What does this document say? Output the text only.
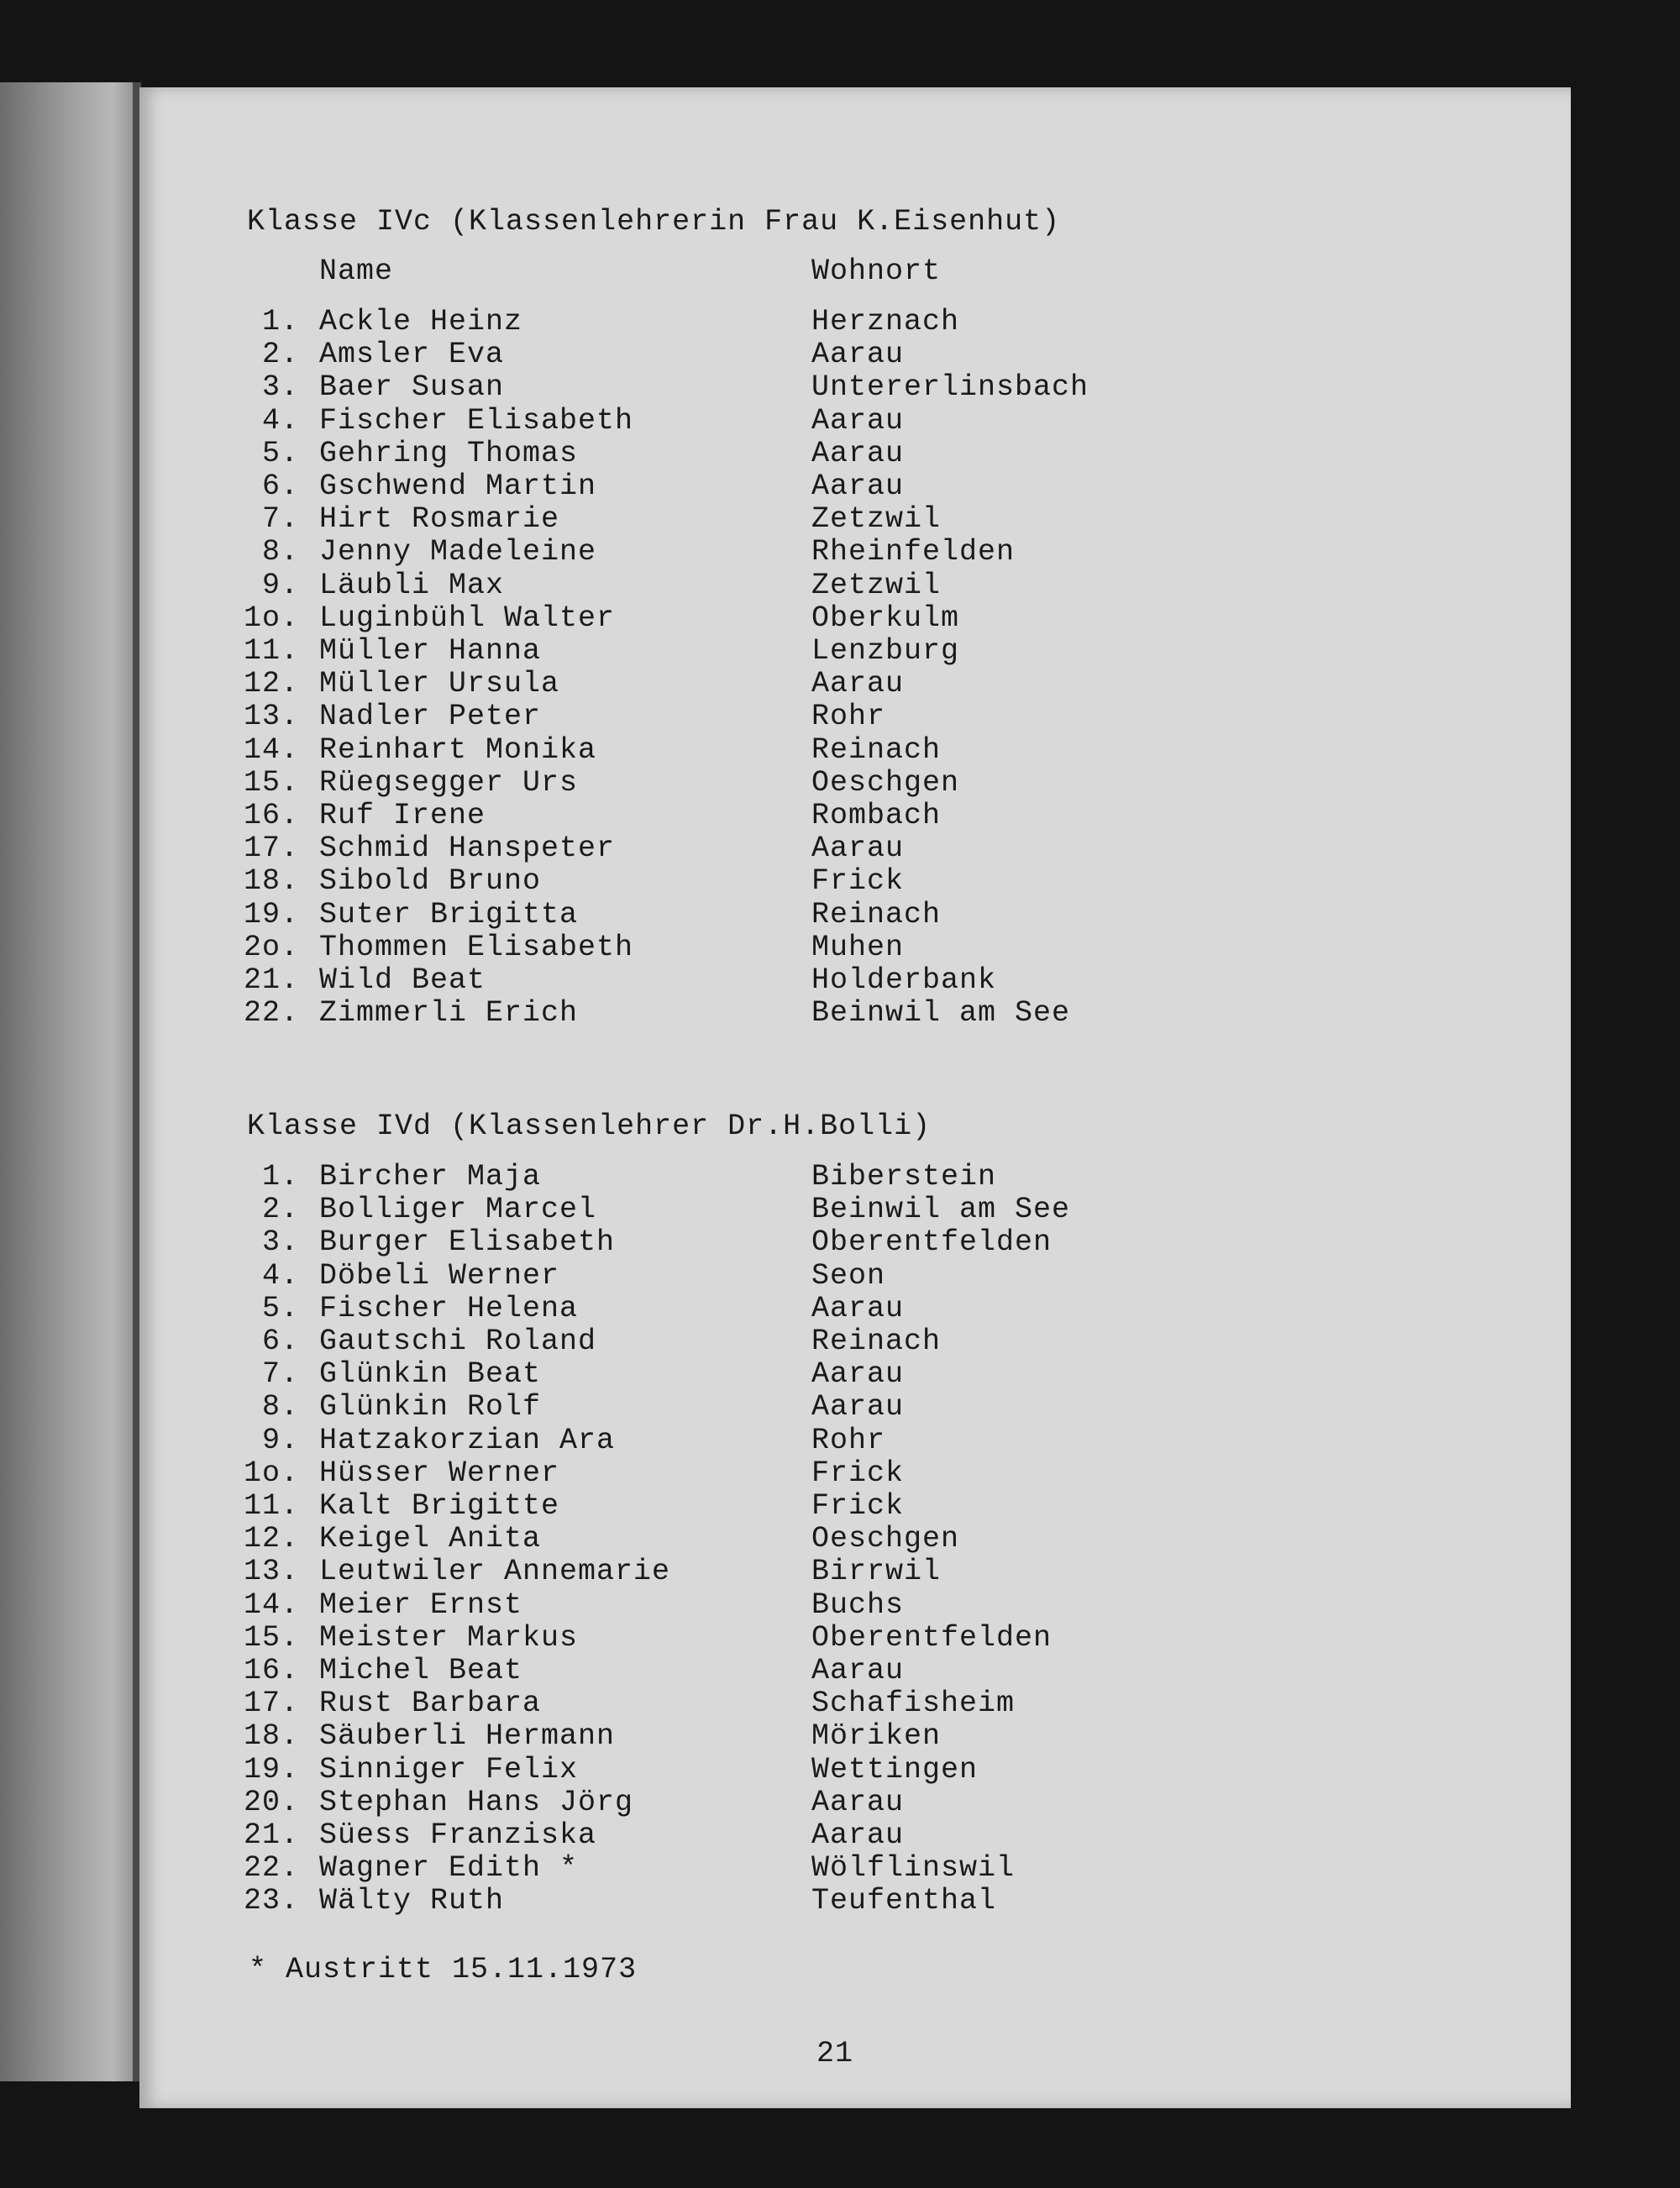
Klasse IVc (Klassenlehrerin Frau K.Eisenhut)
Name	Wohnort
1. Ackle Heinz	Herznach
2. Amsler Eva	Aarau
3. Baer Susan	Untererlinsbach
4. Fischer Elisabeth	Aarau
5. Gehring Thomas	Aarau
6. Gschwend Martin	Aarau
7. Hirt Rosmarie	Zetzwil
8. Jenny Madeleine	Rheinfelden
9. Läubli Max	Zetzwil
1o. Luginbühl Walter	Oberkulm
11. Müller Hanna	Lenzburg
12. Müller Ursula	Aarau
13. Nadler Peter	Rohr
14. Reinhart Monika	Reinach
15. Rüegsegger Urs	Oeschgen
16. Ruf Irene	Rombach
17. Schmid Hanspeter	Aarau
18. Sibold Bruno	Frick
19. Suter Brigitta	Reinach
2o. Thommen Elisabeth	Muhen
21. Wild Beat	Holderbank
22. Zimmerli Erich	Beinwil am See
Klasse IVd (Klassenlehrer Dr.H.Bolli)
1. Bircher Maja	Biberstein
2. Bolliger Marcel	Beinwil am See
3. Burger Elisabeth	Oberentfelden
4. Döbeli Werner	Seon
5. Fischer Helena	Aarau
6. Gautschi Roland	Reinach
7. Glünkin Beat	Aarau
8. Glünkin Rolf	Aarau
9. Hatzakorzian Ara	Rohr
1o. Hüsser Werner	Frick
11. Kalt Brigitte	Frick
12. Keigel Anita	Oeschgen
13. Leutwiler Annemarie	Birrwil
14. Meier Ernst	Buchs
15. Meister Markus	Oberentfelden
16. Michel Beat	Aarau
17. Rust Barbara	Schafisheim
18. Säuberli Hermann	Möriken
19. Sinniger Felix	Wettingen
20. Stephan Hans Jörg	Aarau
21. Süess Franziska	Aarau
22. Wagner Edith *	Wölflinswil
23. Wälty Ruth	Teufenthal
* Austritt 15.11.1973
21
